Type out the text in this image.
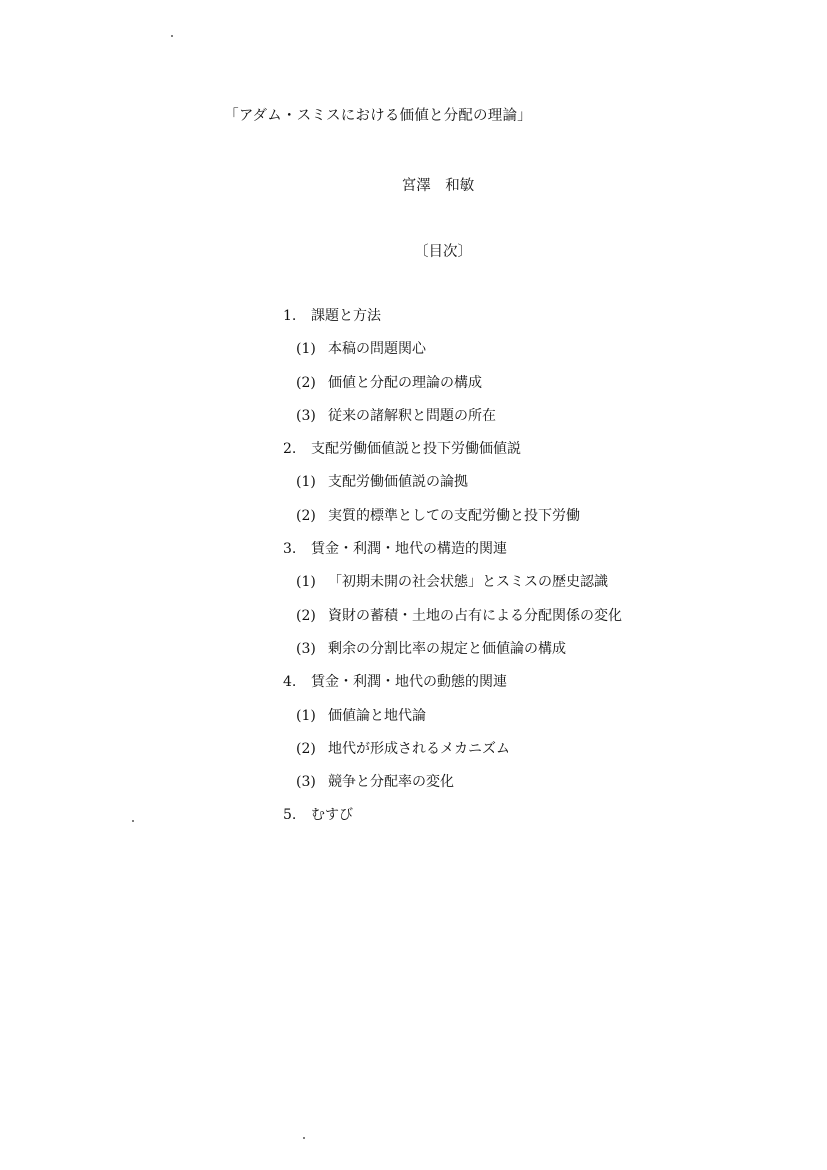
「アダム・スミスにおける価値と分配の理論」
宮澤　和敏
〔目次〕
1. 課題と方法
(1) 本稿の問題関心
(2) 価値と分配の理論の構成
(3) 従来の諸解釈と問題の所在
2. 支配労働価値説と投下労働価値説
(1) 支配労働価値説の論拠
(2) 実質的標準としての支配労働と投下労働
3. 賃金・利潤・地代の構造的関連
(1) 「初期未開の社会状態」とスミスの歴史認識
(2) 資財の蓄積・土地の占有による分配関係の変化
(3) 剰余の分割比率の規定と価値論の構成
4. 賃金・利潤・地代の動態的関連
(1) 価値論と地代論
(2) 地代が形成されるメカニズム
(3) 競争と分配率の変化
5. むすび
